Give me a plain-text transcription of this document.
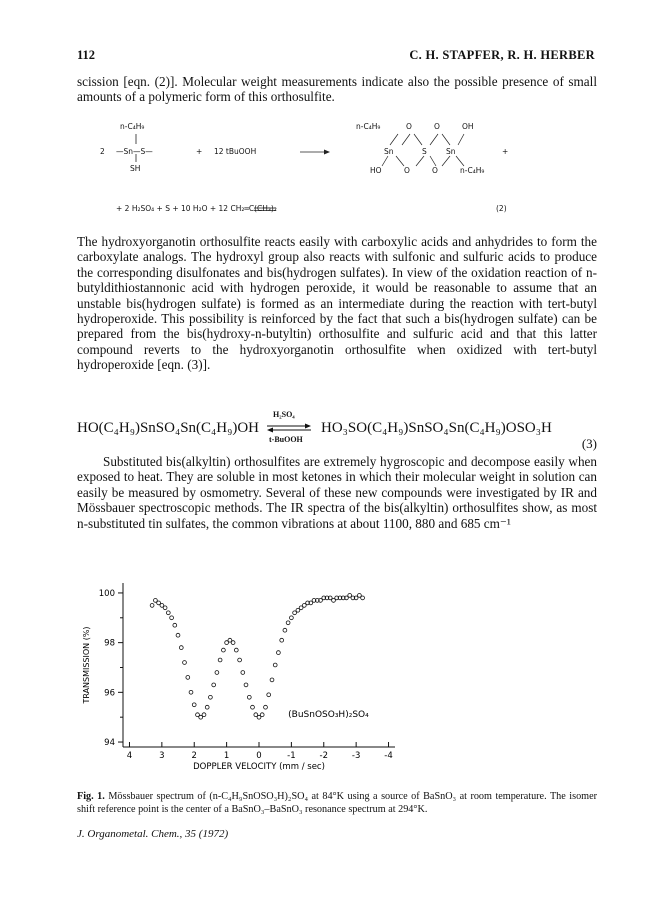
112	C. H. STAPFER, R. H. HERBER

scission [eqn. (2)]. Molecular weight measurements indicate also the possible presence of small amounts of a polymeric form of this orthosulfite.

n-C₄H₉
2 —Sn—S—
SH
+ 12 tBuOOH
n-C₄H₉	O	O	OH
Sn	S	Sn
HO	O	O	n-C₄H₉
+
+ 2 H₂SO₄ + S + 10 H₂O + 12 CH₂═C(CH₃)₂	(2)

The hydroxyorganotin orthosulfite reacts easily with carboxylic acids and anhydrides to form the carboxylate analogs. The hydroxyl group also reacts with sulfonic and sulfuric acids to produce the corresponding disulfonates and bis(hydrogen sulfates). In view of the oxidation reaction of n-butyldithiostannonic acid with hydrogen peroxide, it would be reasonable to assume that an unstable bis(hydrogen sulfate) is formed as an intermediate during the reaction with tert-butyl hydroperoxide. This possibility is reinforced by the fact that such a bis(hydrogen sulfate) can be prepared from the bis(hydroxy-n-butyltin) orthosulfite and sulfuric acid and that this latter compound reverts to the hydroxyorganotin orthosulfite when oxidized with tert-butyl hydroperoxide [eqn. (3)].

HO(C₄H₉)SnSO₄Sn(C₄H₉)OH
H₂SO₄
t-BuOOH
HO₃SO(C₄H₉)SnSO₄Sn(C₄H₉)OSO₃H
(3)

Substituted bis(alkyltin) orthosulfites are extremely hygroscopic and decompose easily when exposed to heat. They are soluble in most ketones in which their molecular weight in solution can easily be measured by osmometry. Several of these new compounds were investigated by IR and Mössbauer spectroscopic methods. The IR spectra of the bis(alkyltin) orthosulfites show, as most n-substituted tin sulfates, the common vibrations at about 1100, 880 and 685 cm⁻¹

100
98
96
94
4	3	2	1	0	-1	-2	-3	-4
TRANSMISSION (%)
DOPPLER VELOCITY (mm / sec)
(BuSnOSO₃H)₂SO₄

Fig. 1. Mössbauer spectrum of (n-C₄H₉SnOSO₃H)₂SO₄ at 84°K using a source of BaSnO₃ at room temperature. The isomer shift reference point is the center of a BaSnO₃–BaSnO₃ resonance spectrum at 294°K.

J. Organometal. Chem., 35 (1972)
